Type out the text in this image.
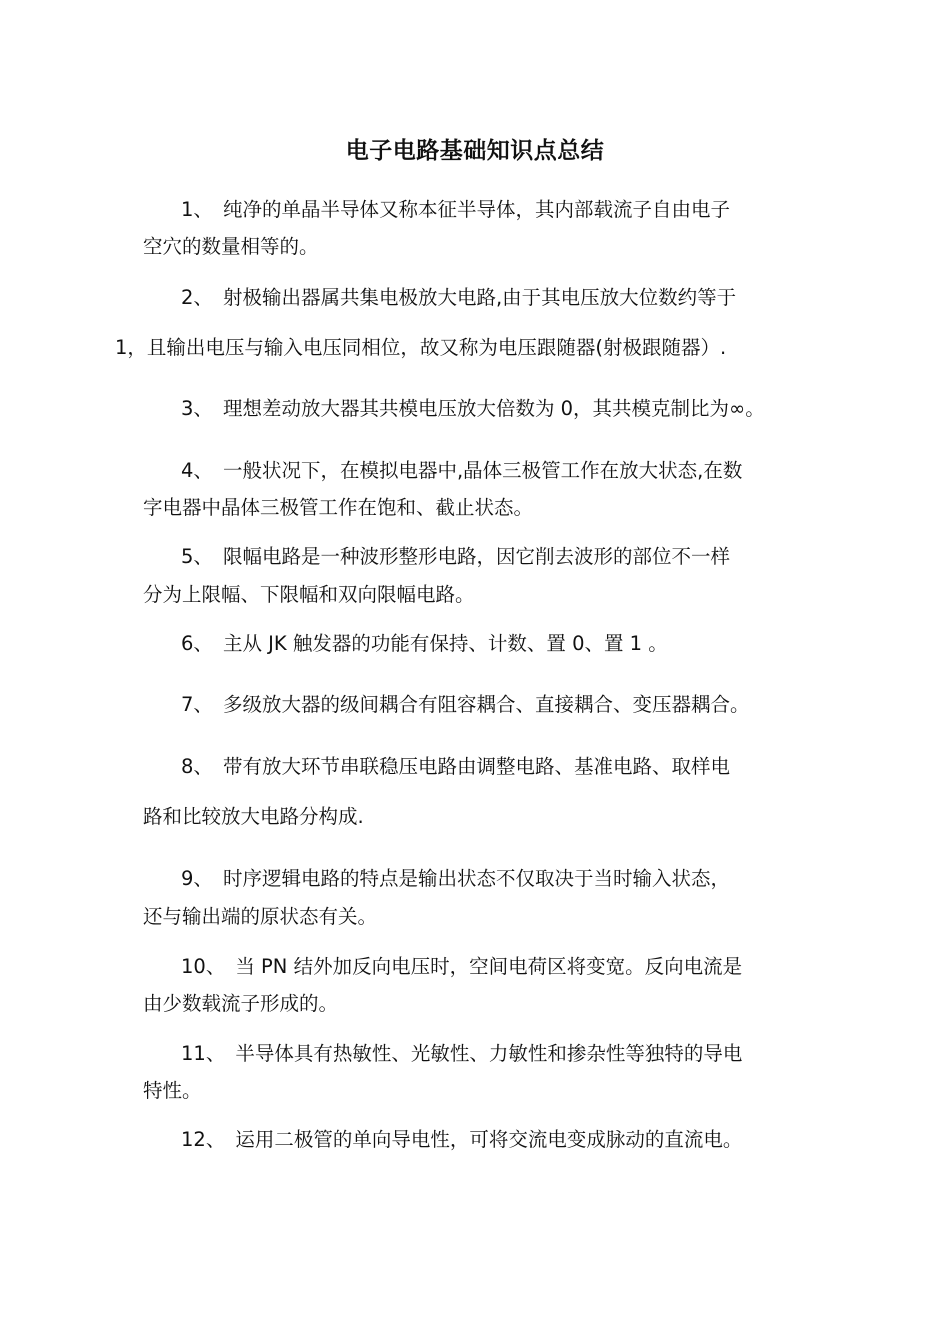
电子电路基础知识点总结
1、 纯净的单晶半导体又称本征半导体，其内部载流子自由电子
空穴的数量相等的。
2、 射极输出器属共集电极放大电路,由于其电压放大位数约等于
1，且输出电压与输入电压同相位，故又称为电压跟随器(射极跟随器）.
3、 理想差动放大器其共模电压放大倍数为 0，其共模克制比为∞。
4、 一般状况下，在模拟电器中,晶体三极管工作在放大状态,在数
字电器中晶体三极管工作在饱和、截止状态。
5、 限幅电路是一种波形整形电路，因它削去波形的部位不一样
分为上限幅、下限幅和双向限幅电路。
6、 主从 JK 触发器的功能有保持、计数、置 0、置 1 。
7、 多级放大器的级间耦合有阻容耦合、直接耦合、变压器耦合。
8、 带有放大环节串联稳压电路由调整电路、基准电路、取样电
路和比较放大电路分构成.
9、 时序逻辑电路的特点是输出状态不仅取决于当时输入状态，
还与输出端的原状态有关。
10、 当 PN 结外加反向电压时，空间电荷区将变宽。反向电流是
由少数载流子形成的。
11、 半导体具有热敏性、光敏性、力敏性和掺杂性等独特的导电
特性。
12、 运用二极管的单向导电性，可将交流电变成脉动的直流电。
